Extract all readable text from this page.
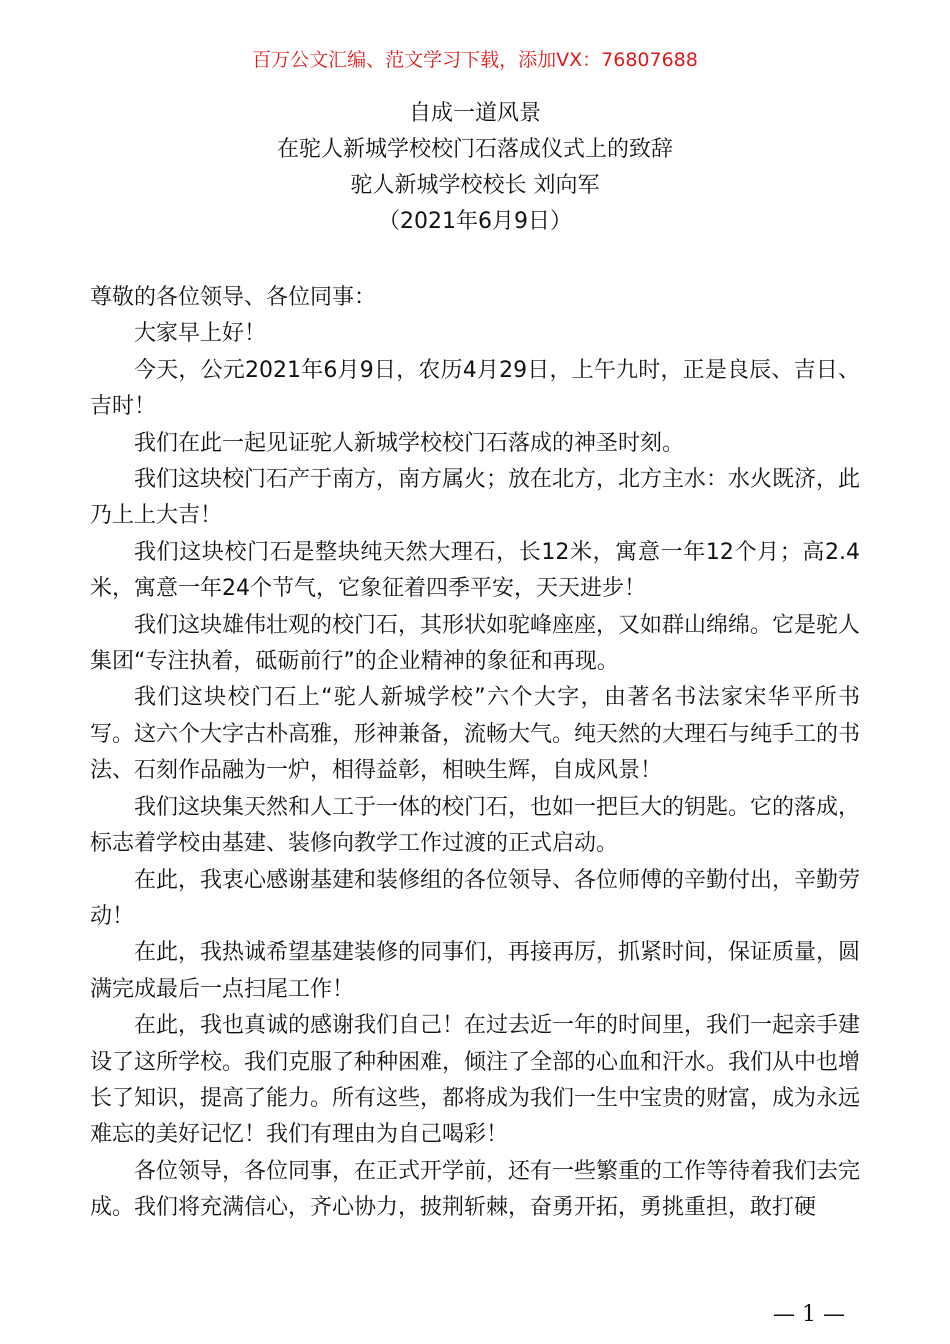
百万公文汇编、范文学习下载，添加VX：76807688

自成一道风景

在驼人新城学校校门石落成仪式上的致辞

驼人新城学校校长 刘向军

（2021年6月9日）

尊敬的各位领导、各位同事：

大家早上好！

今天，公元2021年6月9日，农历4月29日，上午九时，正是良辰、吉日、吉时！

我们在此一起见证驼人新城学校校门石落成的神圣时刻。

我们这块校门石产于南方，南方属火；放在北方，北方主水：水火既济，此乃上上大吉！

我们这块校门石是整块纯天然大理石，长12米，寓意一年12个月；高2.4米，寓意一年24个节气，它象征着四季平安，天天进步！

我们这块雄伟壮观的校门石，其形状如驼峰座座，又如群山绵绵。它是驼人集团“专注执着，砥砺前行”的企业精神的象征和再现。

我们这块校门石上“驼人新城学校”六个大字，由著名书法家宋华平所书写。这六个大字古朴高雅，形神兼备，流畅大气。纯天然的大理石与纯手工的书法、石刻作品融为一炉，相得益彰，相映生辉，自成风景！

我们这块集天然和人工于一体的校门石，也如一把巨大的钥匙。它的落成，标志着学校由基建、装修向教学工作过渡的正式启动。

在此，我衷心感谢基建和装修组的各位领导、各位师傅的辛勤付出，辛勤劳动！

在此，我热诚希望基建装修的同事们，再接再厉，抓紧时间，保证质量，圆满完成最后一点扫尾工作！

在此，我也真诚的感谢我们自己！在过去近一年的时间里，我们一起亲手建设了这所学校。我们克服了种种困难，倾注了全部的心血和汗水。我们从中也增长了知识，提高了能力。所有这些，都将成为我们一生中宝贵的财富，成为永远难忘的美好记忆！我们有理由为自己喝彩！

各位领导，各位同事，在正式开学前，还有一些繁重的工作等待着我们去完成。我们将充满信心，齐心协力，披荆斩棘，奋勇开拓，勇挑重担，敢打硬

— 1 —
